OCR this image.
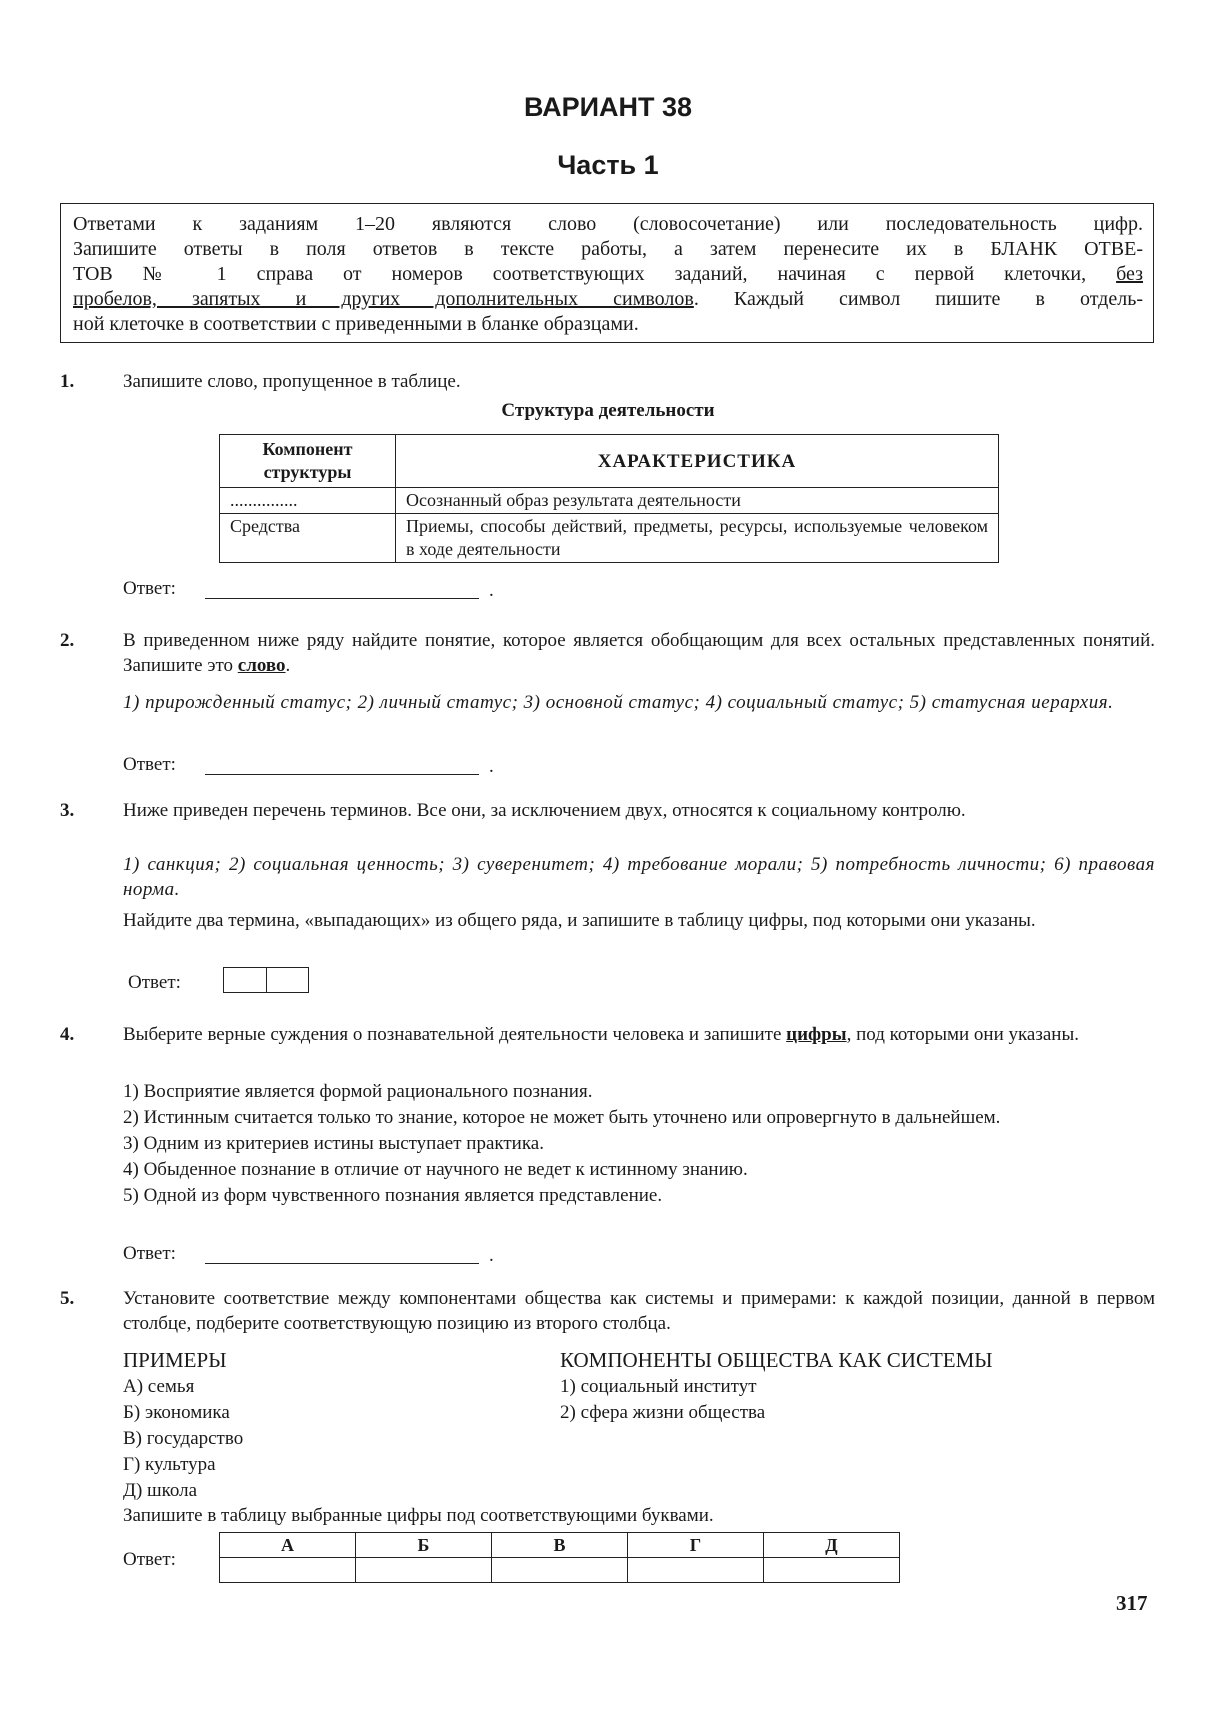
ВАРИАНТ 38
Часть 1
Ответами к заданиям 1–20 являются слово (словосочетание) или последовательность цифр.
Запишите ответы в поля ответов в тексте работы, а затем перенесите их в БЛАНК ОТВЕ-
ТОВ № 1 справа от номеров соответствующих заданий, начиная с первой клеточки, без
пробелов, запятых и других дополнительных символов. Каждый символ пишите в отдель-
ной клеточке в соответствии с приведенными в бланке образцами.
1.	Запишите слово, пропущенное в таблице.
Структура деятельности
Компонент структуры	ХАРАКТЕРИСТИКА
...............	Осознанный образ результата деятельности
Средства	Приемы, способы действий, предметы, ресурсы, используемые человеком в ходе деятельности
Ответ:	.
2.	В приведенном ниже ряду найдите понятие, которое является обобщающим для всех остальных представленных понятий. Запишите это слово.
1) прирожденный статус; 2) личный статус; 3) основной статус; 4) социальный статус; 5) статусная иерархия.
Ответ:	.
3.	Ниже приведен перечень терминов. Все они, за исключением двух, относятся к социальному контролю.
1) санкция; 2) социальная ценность; 3) суверенитет; 4) требование морали; 5) потребность личности; 6) правовая норма.
Найдите два термина, «выпадающих» из общего ряда, и запишите в таблицу цифры, под которыми они указаны.
Ответ:
4.	Выберите верные суждения о познавательной деятельности человека и запишите цифры, под которыми они указаны.
1) Восприятие является формой рационального познания.
2) Истинным считается только то знание, которое не может быть уточнено или опровергнуто в дальнейшем.
3) Одним из критериев истины выступает практика.
4) Обыденное познание в отличие от научного не ведет к истинному знанию.
5) Одной из форм чувственного познания является представление.
Ответ:	.
5.	Установите соответствие между компонентами общества как системы и примерами: к каждой позиции, данной в первом столбце, подберите соответствующую позицию из второго столбца.
ПРИМЕРЫ
А) семья
Б) экономика
В) государство
Г) культура
Д) школа
КОМПОНЕНТЫ ОБЩЕСТВА КАК СИСТЕМЫ
1) социальный институт
2) сфера жизни общества
Запишите в таблицу выбранные цифры под соответствующими буквами.
Ответ:
А	Б	В	Г	Д

317
